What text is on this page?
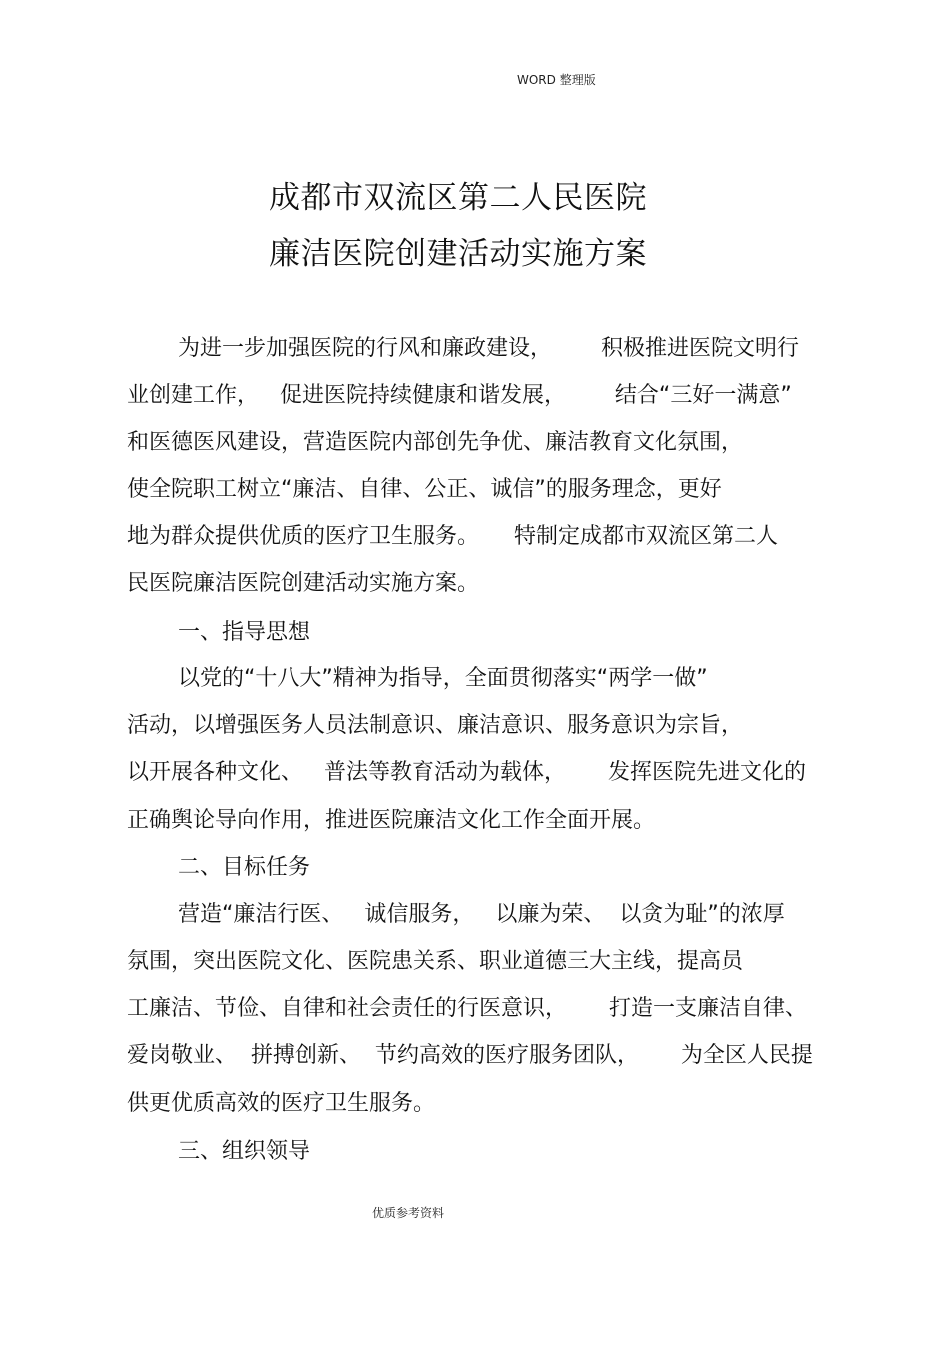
WORD 整理版
成都市双流区第二人民医院
廉洁医院创建活动实施方案
为进一步加强医院的行风和廉政建设，       积极推进医院文明行
业创建工作，   促进医院持续健康和谐发展，       结合“三好一满意”
和医德医风建设，营造医院内部创先争优、廉洁教育文化氛围，
使全院职工树立“廉洁、自律、公正、诚信”的服务理念，更好
地为群众提供优质的医疗卫生服务。     特制定成都市双流区第二人
民医院廉洁医院创建活动实施方案。
一、指导思想
以党的“十八大”精神为指导，全面贯彻落实“两学一做”
活动，以增强医务人员法制意识、廉洁意识、服务意识为宗旨，
以开展各种文化、   普法等教育活动为载体，      发挥医院先进文化的
正确舆论导向作用，推进医院廉洁文化工作全面开展。
二、目标任务
营造“廉洁行医、   诚信服务，   以廉为荣、  以贪为耻”的浓厚
氛围，突出医院文化、医院患关系、职业道德三大主线，提高员
工廉洁、节俭、自律和社会责任的行医意识，      打造一支廉洁自律、
爱岗敬业、  拼搏创新、  节约高效的医疗服务团队，      为全区人民提
供更优质高效的医疗卫生服务。
三、组织领导
优质参考资料
